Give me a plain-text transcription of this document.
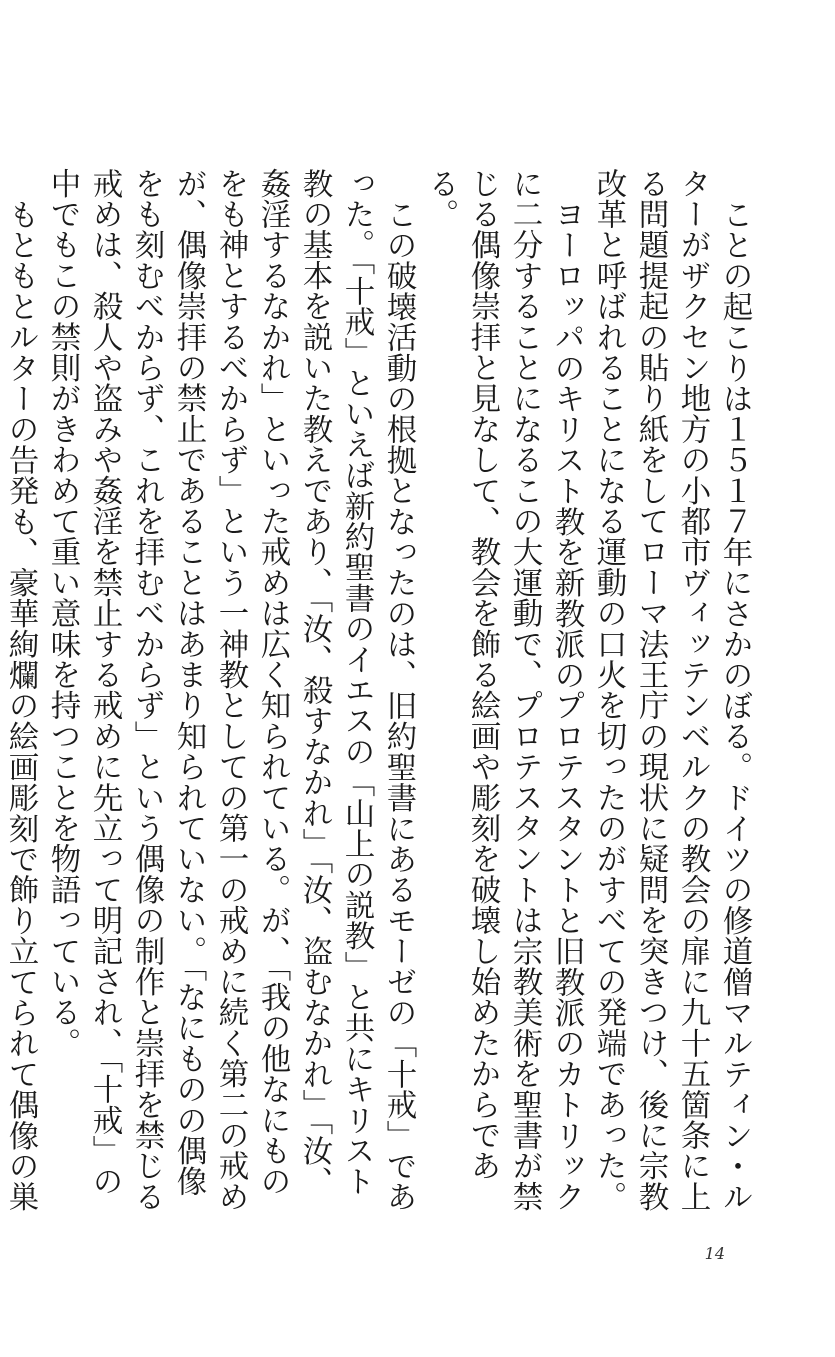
ことの起こりは１５１７年にさかのぼる。ドイツの修道僧マルティン・ルターがザクセン地方の小都市ヴィッテンベルクの教会の扉に九十五箇条に上る問題提起の貼り紙をしてローマ法王庁の現状に疑問を突きつけ、後に宗教改革と呼ばれることになる運動の口火を切ったのがすべての発端であった。

ヨーロッパのキリスト教を新教派のプロテスタントと旧教派のカトリックに二分することになるこの大運動で、プロテスタントは宗教美術を聖書が禁じる偶像崇拝と見なして、教会を飾る絵画や彫刻を破壊し始めたからである。

この破壊活動の根拠となったのは、旧約聖書にあるモーゼの「十戒」であった。「十戒」といえば新約聖書のイエスの「山上の説教」と共にキリスト教の基本を説いた教えであり、「汝、殺すなかれ」「汝、盗むなかれ」「汝、姦淫するなかれ」といった戒めは広く知られている。が、「我の他なにものをも神とするべからず」という一神教としての第一の戒めに続く第二の戒めが、偶像崇拝の禁止であることはあまり知られていない。「なにものの偶像をも刻むべからず、これを拝むべからず」という偶像の制作と崇拝を禁じる戒めは、殺人や盗みや姦淫を禁止する戒めに先立って明記され、「十戒」の中でもこの禁則がきわめて重い意味を持つことを物語っている。

もともとルターの告発も、豪華絢爛の絵画彫刻で飾り立てられて偶像の巣

14
